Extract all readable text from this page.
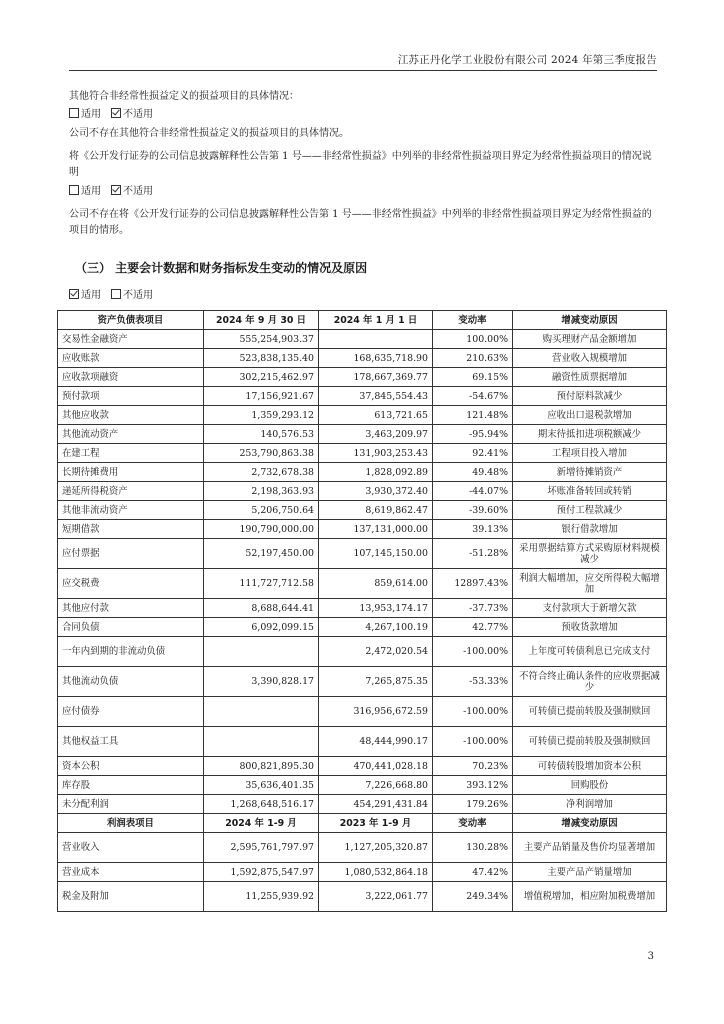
江苏正丹化学工业股份有限公司 2024 年第三季度报告
其他符合非经常性损益定义的损益项目的具体情况：
适用 不适用
公司不存在其他符合非经常性损益定义的损益项目的具体情况。
将《公开发行证券的公司信息披露解释性公告第 1 号——非经常性损益》中列举的非经常性损益项目界定为经常性损益项目的情况说明
适用 不适用
公司不存在将《公开发行证券的公司信息披露解释性公告第 1 号——非经常性损益》中列举的非经常性损益项目界定为经常性损益的项目的情形。
（三） 主要会计数据和财务指标发生变动的情况及原因
适用 不适用
资产负债表项目	2024 年 9 月 30 日	2024 年 1 月 1 日	变动率	增减变动原因
交易性金融资产	555,254,903.37		100.00%	购买理财产品金额增加
应收账款	523,838,135.40	168,635,718.90	210.63%	营业收入规模增加
应收款项融资	302,215,462.97	178,667,369.77	69.15%	融资性质票据增加
预付款项	17,156,921.67	37,845,554.43	-54.67%	预付原料款减少
其他应收款	1,359,293.12	613,721.65	121.48%	应收出口退税款增加
其他流动资产	140,576.53	3,463,209.97	-95.94%	期末待抵扣进项税额减少
在建工程	253,790,863.38	131,903,253.43	92.41%	工程项目投入增加
长期待摊费用	2,732,678.38	1,828,092.89	49.48%	新增待摊销资产
递延所得税资产	2,198,363.93	3,930,372.40	-44.07%	坏账准备转回或转销
其他非流动资产	5,206,750.64	8,619,862.47	-39.60%	预付工程款减少
短期借款	190,790,000.00	137,131,000.00	39.13%	银行借款增加
应付票据	52,197,450.00	107,145,150.00	-51.28%	采用票据结算方式采购原材料规模减少
应交税费	111,727,712.58	859,614.00	12897.43%	利润大幅增加，应交所得税大幅增加
其他应付款	8,688,644.41	13,953,174.17	-37.73%	支付款项大于新增欠款
合同负债	6,092,099.15	4,267,100.19	42.77%	预收货款增加
一年内到期的非流动负债		2,472,020.54	-100.00%	上年度可转债利息已完成支付
其他流动负债	3,390,828.17	7,265,875.35	-53.33%	不符合终止确认条件的应收票据减少
应付债券		316,956,672.59	-100.00%	可转债已提前转股及强制赎回
其他权益工具		48,444,990.17	-100.00%	可转债已提前转股及强制赎回
资本公积	800,821,895.30	470,441,028.18	70.23%	可转债转股增加资本公积
库存股	35,636,401.35	7,226,668.80	393.12%	回购股份
未分配利润	1,268,648,516.17	454,291,431.84	179.26%	净利润增加
利润表项目	2024 年 1-9 月	2023 年 1-9 月	变动率	增减变动原因
营业收入	2,595,761,797.97	1,127,205,320.87	130.28%	主要产品销量及售价均显著增加
营业成本	1,592,875,547.97	1,080,532,864.18	47.42%	主要产品产销量增加
税金及附加	11,255,939.92	3,222,061.77	249.34%	增值税增加，相应附加税费增加
3
